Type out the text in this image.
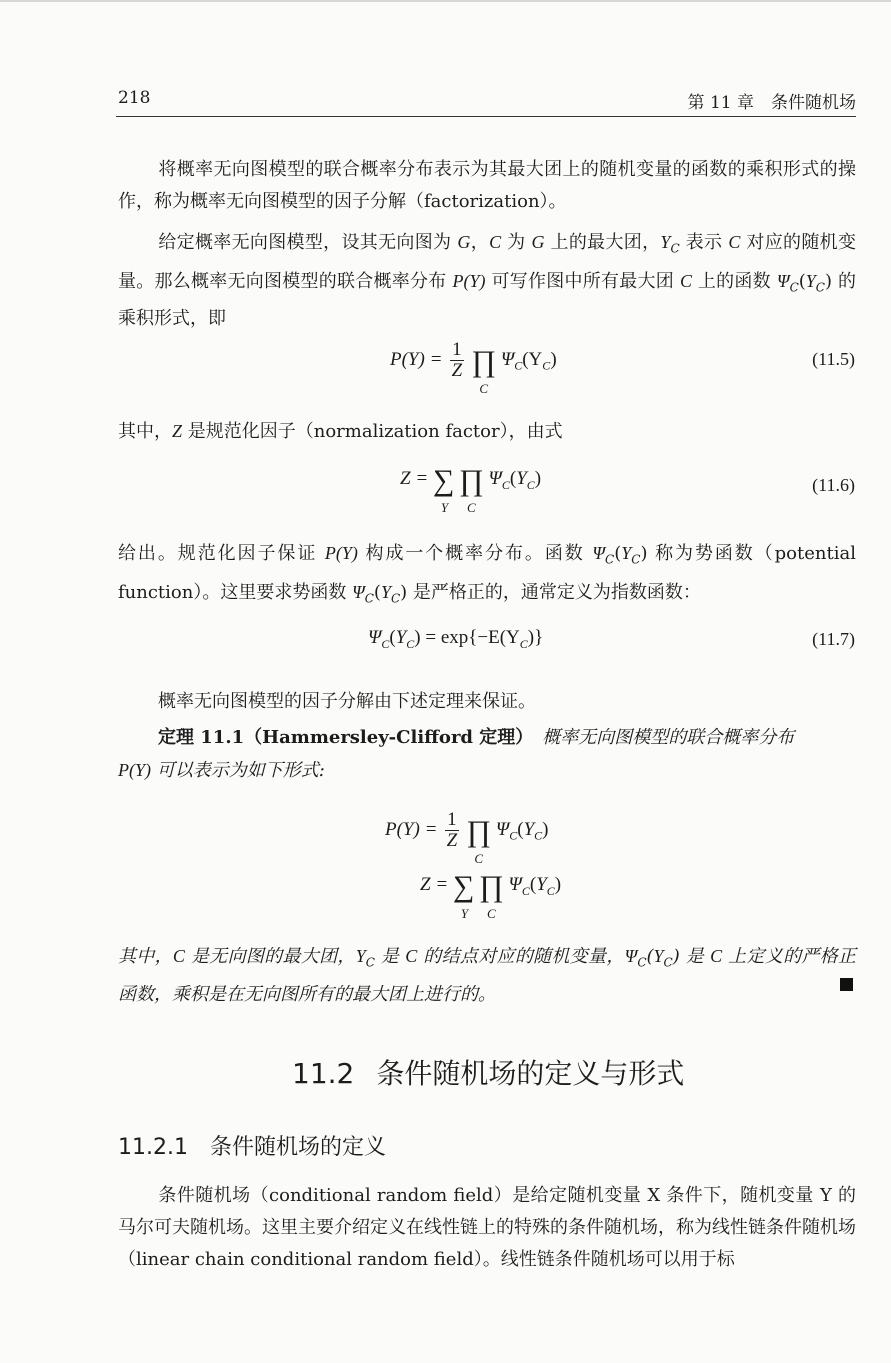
218	第 11 章　条件随机场
将概率无向图模型的联合概率分布表示为其最大团上的随机变量的函数的乘积形式的操作，称为概率无向图模型的因子分解（factorization）。
给定概率无向图模型，设其无向图为 G，C 为 G 上的最大团，$Y_C$ 表示 C 对应的随机变量。那么概率无向图模型的联合概率分布 P(Y) 可写作图中所有最大团 C 上的函数 $\Psi_C(Y_C)$ 的乘积形式，即
$P(Y) = \frac{1}{Z}$ ∏
C
$\Psi_C(Y_C)$	(11.5)
其中，Z 是规范化因子（normalization factor），由式
Z = ∑
Y
∏
C
$\Psi_C(Y_C)$	(11.6)
给出。规范化因子保证 P(Y) 构成一个概率分布。函数 $\Psi_C(Y_C)$ 称为势函数（potential function）。这里要求势函数 $\Psi_C(Y_C)$ 是严格正的，通常定义为指数函数：
$\Psi_C(Y_C) = \exp\{-E(Y_C)\}$	(11.7)
概率无向图模型的因子分解由下述定理来保证。
定理 11.1（Hammersley-Clifford 定理）　 概率无向图模型的联合概率分布
P(Y) 可以表示为如下形式:
$P(Y) = \frac{1}{Z}$ ∏
C
$\Psi_C(Y_C)$
Z = ∑
Y
∏
C
$\Psi_C(Y_C)$
其中，C 是无向图的最大团，$Y_C$ 是 C 的结点对应的随机变量，$\Psi_C(Y_C)$ 是 C 上定义的严格正函数，乘积是在无向图所有的最大团上进行的。
11.2 条件随机场的定义与形式
11.2.1 条件随机场的定义
条件随机场（conditional random field）是给定随机变量 X 条件下，随机变量 Y 的马尔可夫随机场。这里主要介绍定义在线性链上的特殊的条件随机场，称为线性链条件随机场（linear chain conditional random field）。线性链条件随机场可以用于标
